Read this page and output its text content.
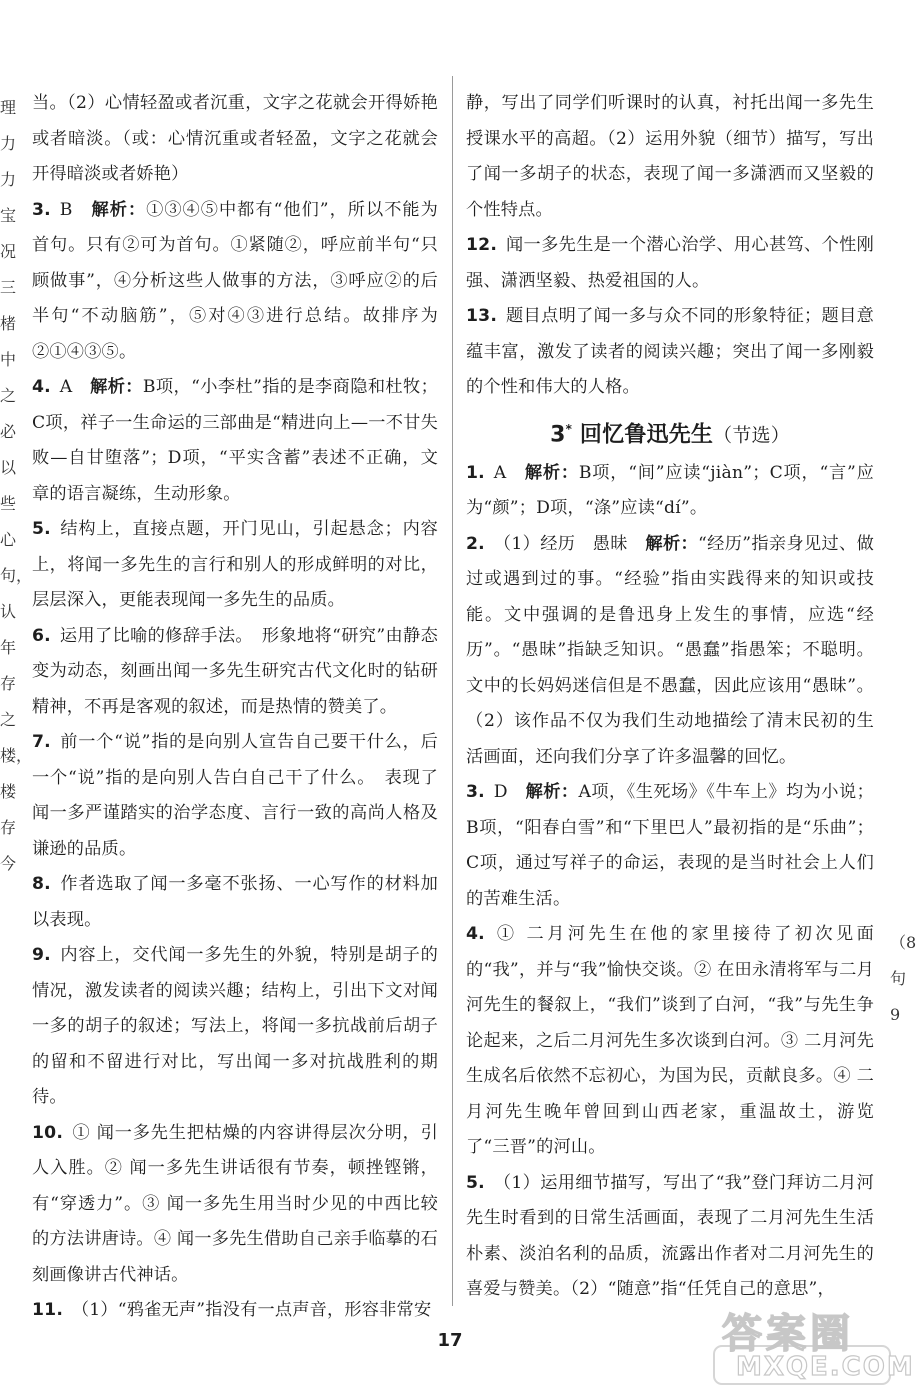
理力力宝况三楮中之必以些心句，认年存之楼，楼存今

当。（2）心情轻盈或者沉重，文字之花就会开得娇艳或者暗淡。（或：心情沉重或者轻盈，文字之花就会开得暗淡或者娇艳）

3.  B　解析：①③④⑤中都有“他们”，所以不能为首句。只有②可为首句。①紧随②，呼应前半句“只顾做事”，④分析这些人做事的方法，③呼应②的后半句“不动脑筋”，⑤对④③进行总结。故排序为②①④③⑤。

4.  A　解析：B项，“小李杜”指的是李商隐和杜牧；C项，祥子一生命运的三部曲是“精进向上—一不甘失败—自甘堕落”；D项，“平实含蓄”表述不正确，文章的语言凝练，生动形象。

5.  结构上，直接点题，开门见山，引起悬念；内容上，将闻一多先生的言行和别人的形成鲜明的对比，层层深入，更能表现闻一多先生的品质。

6.  运用了比喻的修辞手法。　形象地将“研究”由静态变为动态，刻画出闻一多先生研究古代文化时的钻研精神，不再是客观的叙述，而是热情的赞美了。

7.  前一个“说”指的是向别人宣告自己要干什么，后一个“说”指的是向别人告白自己干了什么。　表现了闻一多严谨踏实的治学态度、言行一致的高尚人格及谦逊的品质。

8.  作者选取了闻一多毫不张扬、一心写作的材料加以表现。

9.  内容上，交代闻一多先生的外貌，特别是胡子的情况，激发读者的阅读兴趣；结构上，引出下文对闻一多的胡子的叙述；写法上，将闻一多抗战前后胡子的留和不留进行对比，写出闻一多对抗战胜利的期待。

10.  ① 闻一多先生把枯燥的内容讲得层次分明，引人入胜。② 闻一多先生讲话很有节奏，顿挫铿锵，有“穿透力”。③ 闻一多先生用当时少见的中西比较的方法讲唐诗。④ 闻一多先生借助自己亲手临摹的石刻画像讲古代神话。

11.  （1）“鸦雀无声”指没有一点声音，形容非常安

静，写出了同学们听课时的认真，衬托出闻一多先生授课水平的高超。（2）运用外貌（细节）描写，写出了闻一多胡子的状态，表现了闻一多潇洒而又坚毅的个性特点。

12.  闻一多先生是一个潜心治学、用心甚笃、个性刚强、潇洒坚毅、热爱祖国的人。

13.  题目点明了闻一多与众不同的形象特征；题目意蕴丰富，激发了读者的阅读兴趣；突出了闻一多刚毅的个性和伟大的人格。

3* 回忆鲁迅先生（节选）

1.  A　解析：B项，“间”应读“jiàn”；C项，“言”应为“颜”；D项，“涤”应读“dí”。

2.  （1）经历　愚昧　解析：“经历”指亲身见过、做过或遇到过的事。“经验”指由实践得来的知识或技能。文中强调的是鲁迅身上发生的事情，应选“经历”。“愚昧”指缺乏知识。“愚蠢”指愚笨；不聪明。文中的长妈妈迷信但是不愚蠢，因此应该用“愚昧”。（2）该作品不仅为我们生动地描绘了清末民初的生活画面，还向我们分享了许多温馨的回忆。

3.  D　解析：A项，《生死场》《牛车上》均为小说；B项，“阳春白雪”和“下里巴人”最初指的是“乐曲”；C项，通过写祥子的命运，表现的是当时社会上人们的苦难生活。

4.  ① 二月河先生在他的家里接待了初次见面的“我”，并与“我”愉快交谈。② 在田永清将军与二月河先生的餐叙上，“我们”谈到了白河，“我”与先生争论起来，之后二月河先生多次谈到白河。③ 二月河先生成名后依然不忘初心，为国为民，贡献良多。④ 二月河先生晚年曾回到山西老家，重温故土，游览了“三晋”的河山。

5.  （1）运用细节描写，写出了“我”登门拜访二月河先生时看到的日常生活画面，表现了二月河先生生活朴素、淡泊名利的品质，流露出作者对二月河先生的喜爱与赞美。（2）“随意”指“任凭自己的意思”，

（8句9
17	答案圈
MXQE.COM
